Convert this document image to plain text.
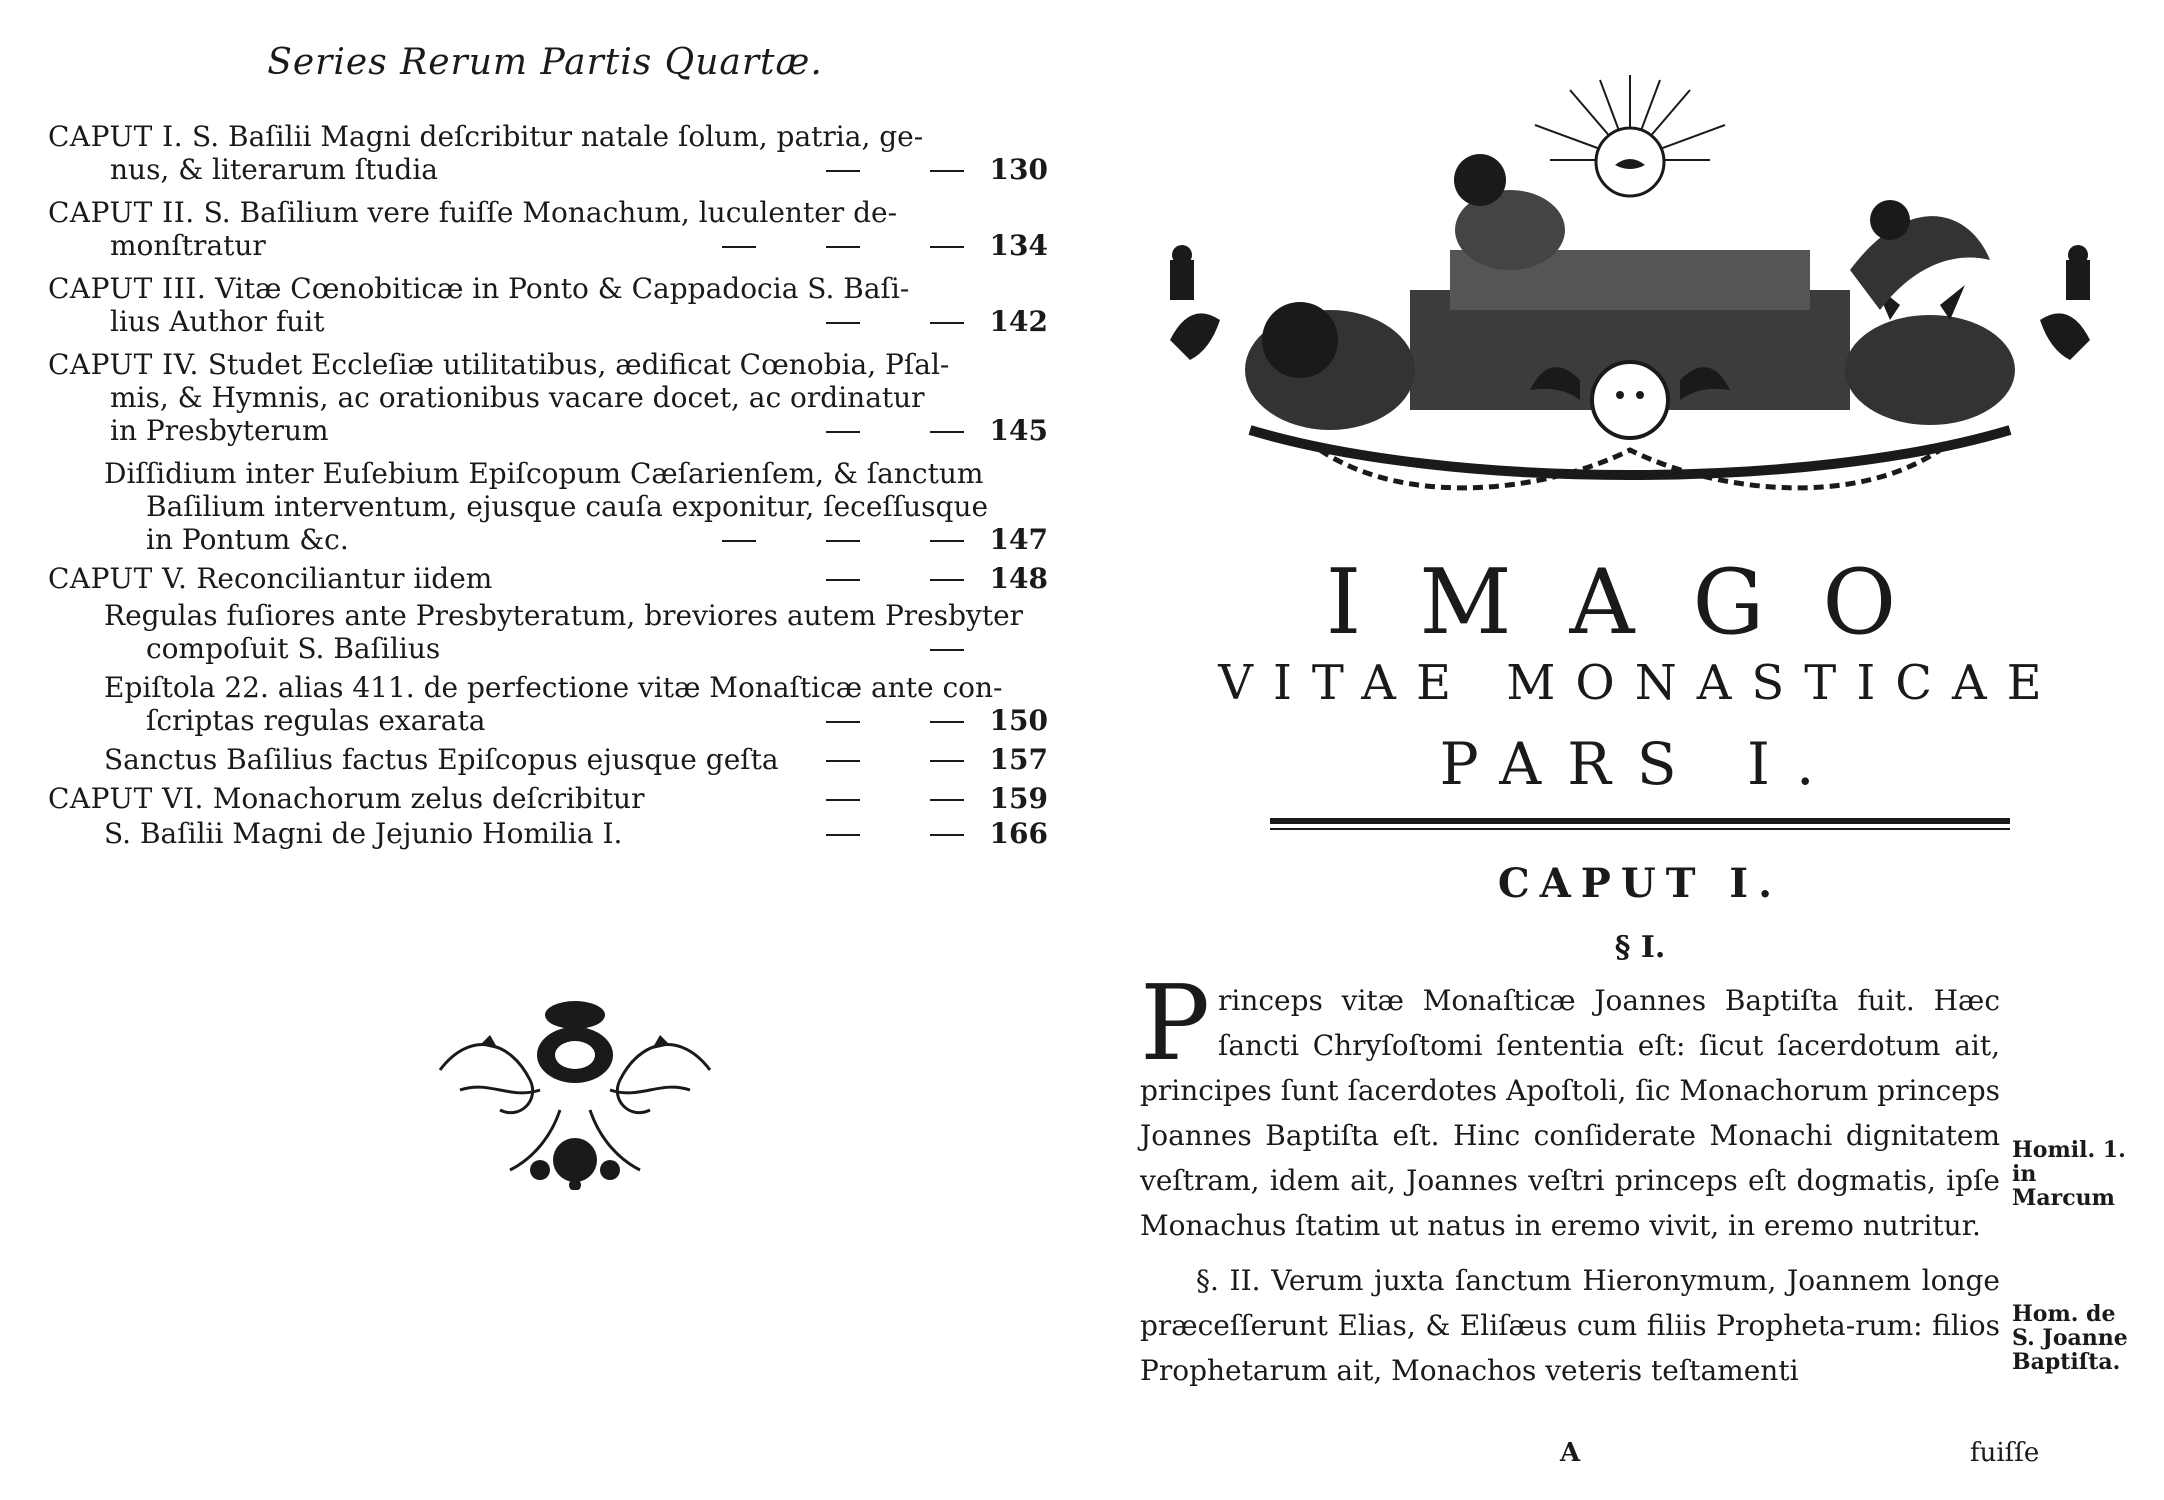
Series Rerum Partis Quartæ.
CAPUT I. S. Baſilii Magni deſcribitur natale ſolum, patria, ge-
nus, & literarum ſtudia	130
CAPUT II. S. Baſilium vere fuiſſe Monachum, luculenter de-
monſtratur	134
CAPUT III. Vitæ Cœnobiticæ in Ponto & Cappadocia S. Baſi-
lius Author fuit	142
CAPUT IV. Studet Eccleſiæ utilitatibus, ædificat Cœnobia, Pſal-
mis, & Hymnis, ac orationibus vacare docet, ac ordinatur
in Presbyterum	145
Diſſidium inter Euſebium Epiſcopum Cæſarienſem, & ſanctum
Baſilium interventum, ejusque cauſa exponitur, ſeceſſusque
in Pontum &c.	147
CAPUT V. Reconciliantur iidem	148
Regulas fuſiores ante Presbyteratum, breviores autem Presbyter
compoſuit S. Baſilius
Epiſtola 22. alias 411. de perfectione vitæ Monaſticæ ante con-
ſcriptas regulas exarata	150
Sanctus Baſilius factus Epiſcopus ejusque geſta	157
CAPUT VI. Monachorum zelus deſcribitur	159
S. Baſilii Magni de Jejunio Homilia I.	166
IMAGO
VITAE MONASTICAE
PARS I.
CAPUT I.
§ I.

Princeps vitæ Monaſticæ Joannes Baptiſta fuit. Hæc ſancti Chryſoſtomi ſententia eſt: ſicut ſacerdotum ait, principes ſunt ſacerdotes Apoſtoli, ſic Monachorum princeps Joannes Baptiſta eſt. Hinc conſiderate Monachi dignitatem veſtram, idem ait, Joannes veſtri princeps eſt dogmatis, ipſe Monachus ſtatim ut natus in eremo vivit, in eremo nutritur.

§. II. Verum juxta ſanctum Hieronymum, Joannem longe præceſſerunt Elias, & Eliſæus cum filiis Propheta-rum: filios Prophetarum ait, Monachos veteris teſtamenti

Homil. 1. in Marcum
Hom. de S. Joanne Baptiſta.
A	fuiſſe
